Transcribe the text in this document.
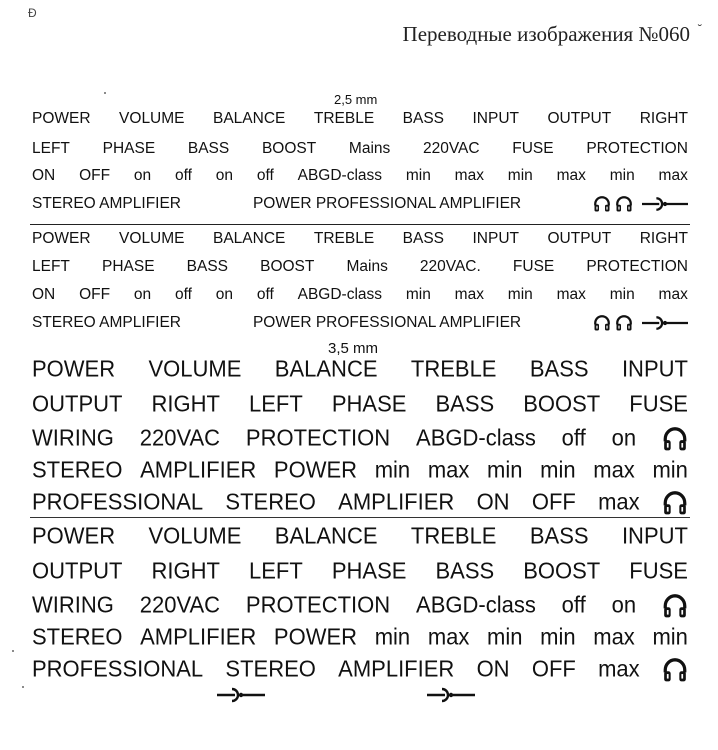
Ð
Переводные изображения №060 ˘
2,5 mm
3,5 mm
POWER VOLUME BALANCE TREBLE BASS INPUT OUTPUT RIGHT
LEFT PHASE BASS BOOST Mains 220VAC FUSE PROTECTION
ON OFF on off on off ABGD-class min max min max min max
STEREO AMPLIFIER	POWER PROFESSIONAL AMPLIFIER

POWER VOLUME BALANCE TREBLE BASS INPUT OUTPUT RIGHT
LEFT PHASE BASS BOOST Mains 220VAC. FUSE PROTECTION
ON OFF on off on off ABGD-class min max min max min max
STEREO AMPLIFIER	POWER PROFESSIONAL AMPLIFIER

POWER VOLUME BALANCE TREBLE BASS INPUT
OUTPUT RIGHT LEFT PHASE BASS BOOST FUSE
WIRING 220VAC PROTECTION ABGD-class off on
STEREO AMPLIFIER POWER min max min min max min
PROFESSIONAL STEREO AMPLIFIER ON OFF max
POWER VOLUME BALANCE TREBLE BASS INPUT
OUTPUT RIGHT LEFT PHASE BASS BOOST FUSE
WIRING 220VAC PROTECTION ABGD-class off on
STEREO AMPLIFIER POWER min max min min max min
PROFESSIONAL STEREO AMPLIFIER ON OFF max
